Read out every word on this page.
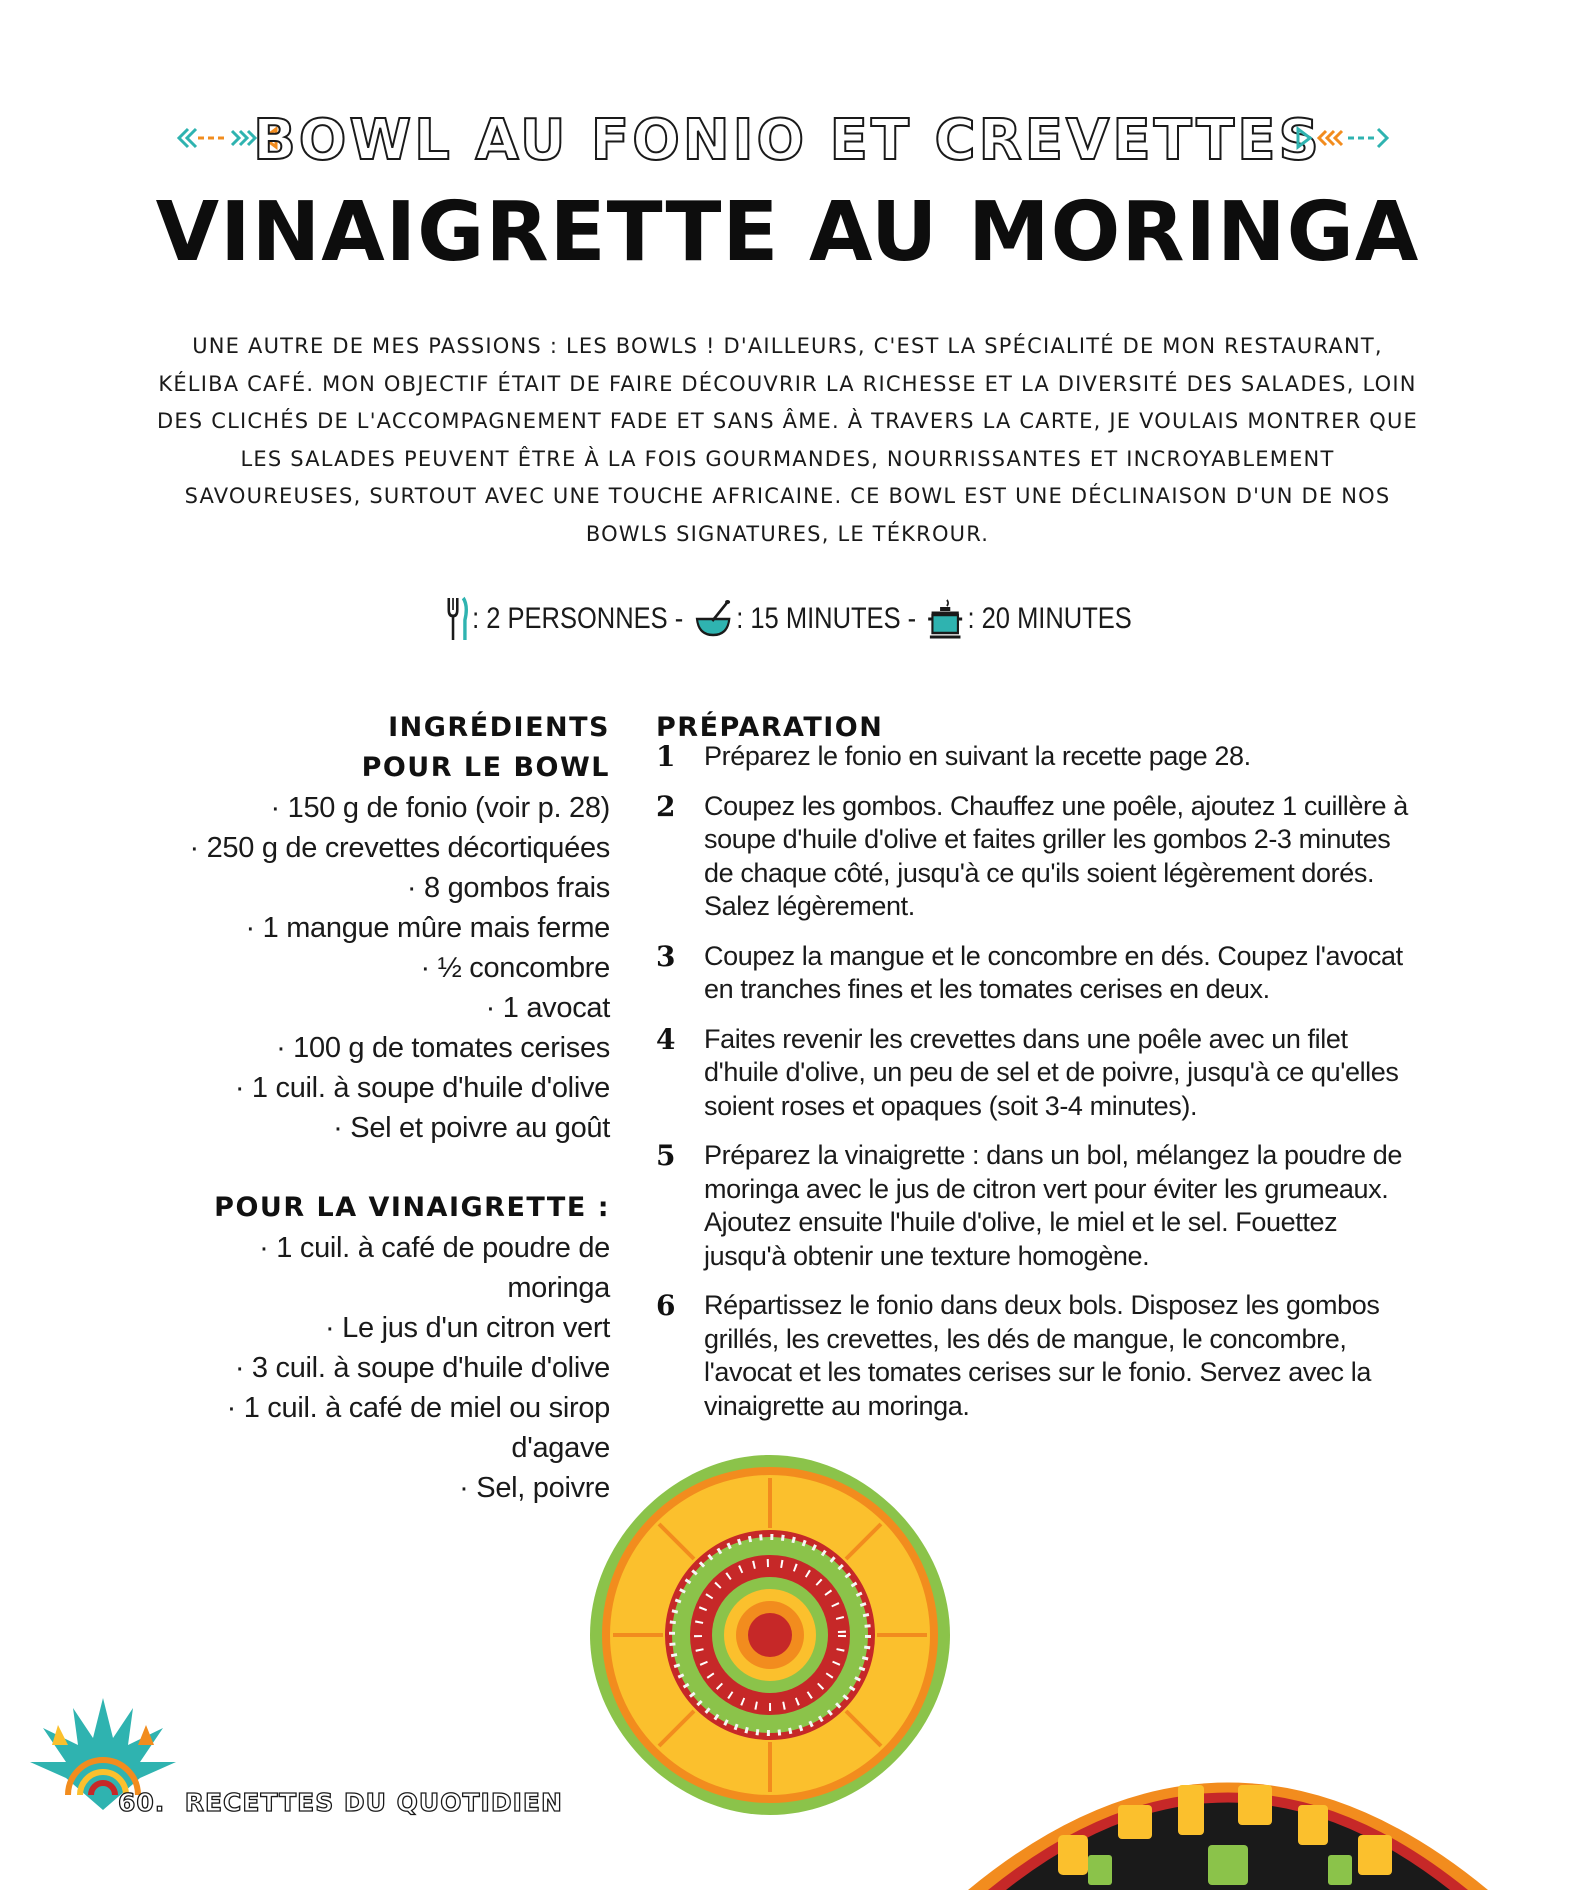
BOWL AU FONIO ET CREVETTES
VINAIGRETTE AU MORINGA
UNE AUTRE DE MES PASSIONS : LES BOWLS ! D'AILLEURS, C'EST LA SPÉCIALITÉ DE MON RESTAURANT, KÉLIBA CAFÉ. MON OBJECTIF ÉTAIT DE FAIRE DÉCOUVRIR LA RICHESSE ET LA DIVERSITÉ DES SALADES, LOIN DES CLICHÉS DE L'ACCOMPAGNEMENT FADE ET SANS ÂME. À TRAVERS LA CARTE, JE VOULAIS MONTRER QUE LES SALADES PEUVENT ÊTRE À LA FOIS GOURMANDES, NOURRISSANTES ET INCROYABLEMENT SAVOUREUSES, SURTOUT AVEC UNE TOUCHE AFRICAINE. CE BOWL EST UNE DÉCLINAISON D'UN DE NOS BOWLS SIGNATURES, LE TÉKROUR.
: 2 PERSONNES - : 15 MINUTES - : 20 MINUTES
INGRÉDIENTS
POUR LE BOWL
· 150 g de fonio (voir p. 28)
· 250 g de crevettes décortiquées
· 8 gombos frais
· 1 mangue mûre mais ferme
· ½ concombre
· 1 avocat
· 100 g de tomates cerises
· 1 cuil. à soupe d'huile d'olive
· Sel et poivre au goût
POUR LA VINAIGRETTE :
· 1 cuil. à café de poudre de moringa
· Le jus d'un citron vert
· 3 cuil. à soupe d'huile d'olive
· 1 cuil. à café de miel ou sirop d'agave
· Sel, poivre
PRÉPARATION
1 Préparez le fonio en suivant la recette page 28.
2 Coupez les gombos. Chauffez une poêle, ajoutez 1 cuillère à soupe d'huile d'olive et faites griller les gombos 2-3 minutes de chaque côté, jusqu'à ce qu'ils soient légèrement dorés. Salez légèrement.
3 Coupez la mangue et le concombre en dés. Coupez l'avocat en tranches fines et les tomates cerises en deux.
4 Faites revenir les crevettes dans une poêle avec un filet d'huile d'olive, un peu de sel et de poivre, jusqu'à ce qu'elles soient roses et opaques (soit 3-4 minutes).
5 Préparez la vinaigrette : dans un bol, mélangez la poudre de moringa avec le jus de citron vert pour éviter les grumeaux. Ajoutez ensuite l'huile d'olive, le miel et le sel. Fouettez jusqu'à obtenir une texture homogène.
6 Répartissez le fonio dans deux bols. Disposez les gombos grillés, les crevettes, les dés de mangue, le concombre, l'avocat et les tomates cerises sur le fonio. Servez avec la vinaigrette au moringa.
60.  RECETTES DU QUOTIDIEN
